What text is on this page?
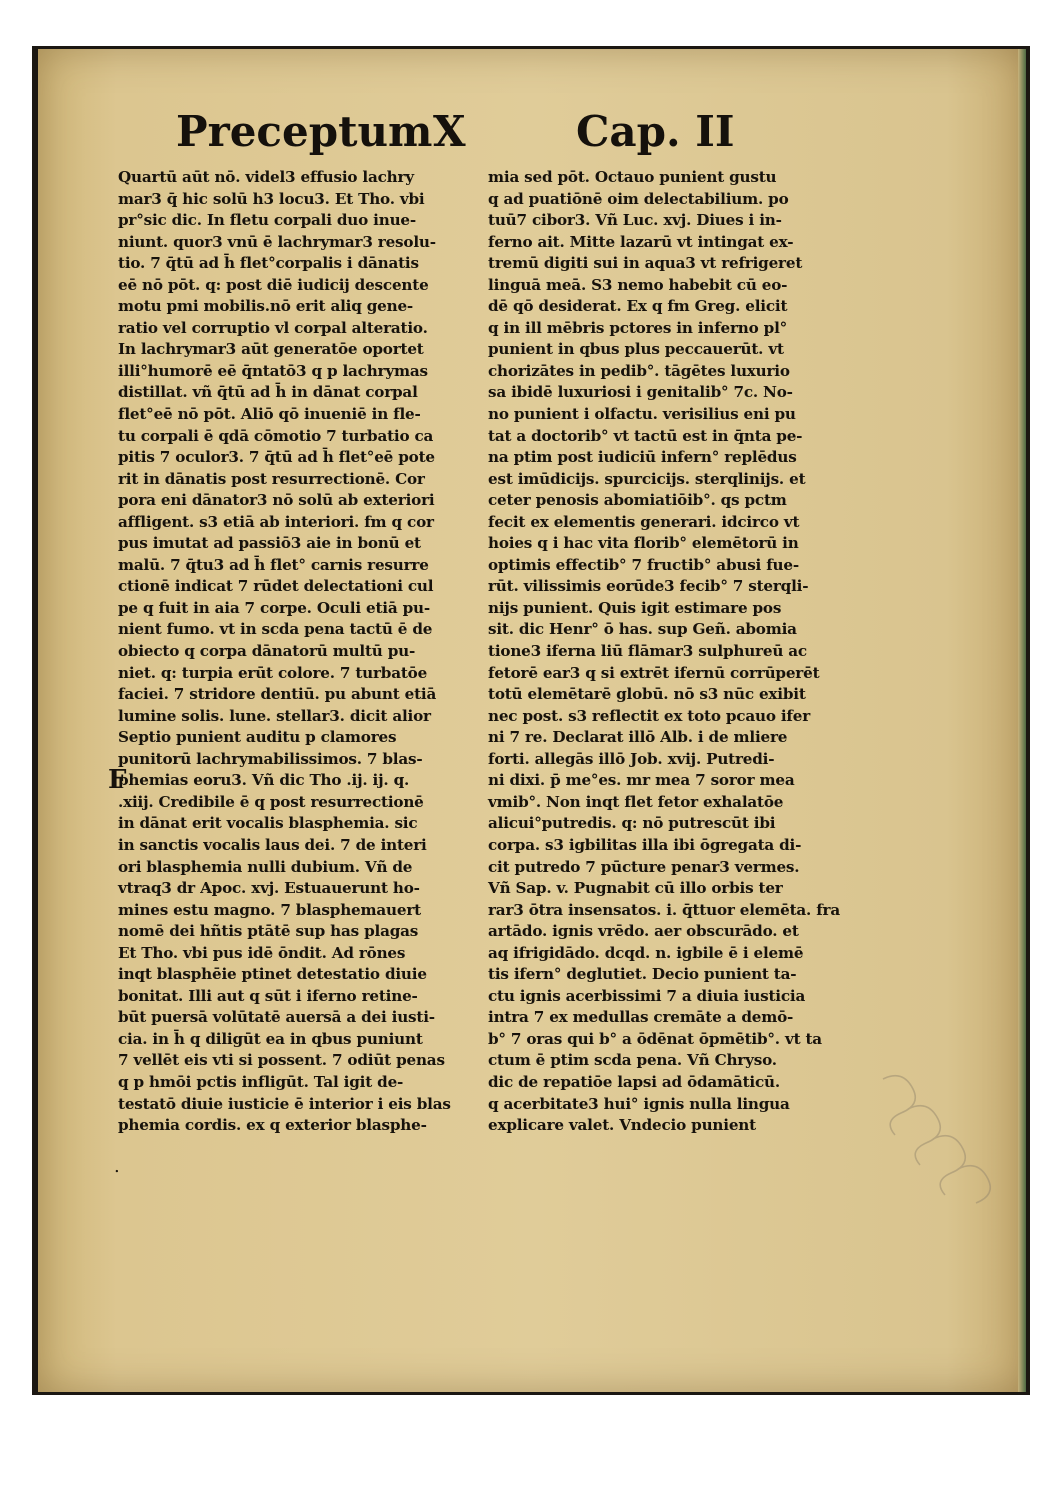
Preceptum X	Cap. II
F
.
Quartū aūt nō. videl3 effusio lachry
mar3 q̄ hic solū h3 locu3. Et Tho. vbi
pr°sic dic. In fletu corpali duo inue-
niunt. quor3 vnū ē lachrymar3 resolu-
tio. 7 q̄tū ad h̄ flet°corpalis i dānatis
eē nō pōt. q: post diē iudicij descente
motu pmi mobilis.nō erit aliq gene-
ratio vel corruptio vl corpal alteratio.
In lachrymar3 aūt generatōe oportet
illi°humorē eē q̄ntatō3 q p lachrymas
distillat. vñ q̄tū ad h̄ in dānat corpal
flet°eē nō pōt. Aliō qō inueniē in fle-
tu corpali ē qdā cōmotio 7 turbatio ca
pitis 7 oculor3. 7 q̄tū ad h̄ flet°eē pote
rit in dānatis post resurrectionē. Cor
pora eni dānator3 nō solū ab exteriori
affligent. s3 etiā ab interiori. fm q cor
pus imutat ad passiō3 aie in bonū et
malū. 7 q̄tu3 ad h̄ flet° carnis resurre
ctionē indicat 7 rūdet delectationi cul
pe q fuit in aia 7 corpe. Oculi etiā pu-
nient fumo. vt in scda pena tactū ē de
obiecto q corpa dānatorū multū pu-
niet. q: turpia erūt colore. 7 turbatōe
faciei. 7 stridore dentiū. pu abunt etiā
lumine solis. lune. stellar3. dicit alior
Septio punient auditu p clamores
punitorū lachrymabilissimos. 7 blas-
phemias eoru3. Vñ dic Tho .ij. ij. q.
.xiij. Credibile ē q post resurrectionē
in dānat erit vocalis blasphemia. sic
in sanctis vocalis laus dei. 7 de interi
ori blasphemia nulli dubium. Vñ de
vtraq3 dr Apoc. xvj. Estuauerunt ho-
mines estu magno. 7 blasphemauert
nomē dei hñtis ptātē sup has plagas
Et Tho. vbi pus idē ōndit. Ad rōnes
inqt blasphēie ptinet detestatio diuie
bonitat. Illi aut q sūt i iferno retine-
būt puersā volūtatē auersā a dei iusti-
cia. in h̄ q diligūt ea in qbus puniunt
7 vellēt eis vti si possent. 7 odiūt penas
q p hmōi pctis infligūt. Tal igit de-
testatō diuie iusticie ē interior i eis blas
phemia cordis. ex q exterior blasphe-
mia sed pōt. Octauo punient gustu
q ad puatiōnē oim delectabilium. po
tuū7 cibor3. Vñ Luc. xvj. Diues i in-
ferno ait. Mitte lazarū vt intingat ex-
tremū digiti sui in aqua3 vt refrigeret
linguā meā. S3 nemo habebit cū eo-
dē qō desiderat. Ex q fm Greg. elicit
q in ill mēbris pctores in inferno pl°
punient in qbus plus peccauerūt. vt
chorizātes in pedib°. tāgētes luxurio
sa ibidē luxuriosi i genitalib° 7c. No-
no punient i olfactu. verisilius eni pu
tat a doctorib° vt tactū est in q̄nta pe-
na ptim post iudiciū infern° replēdus
est imūdicijs. spurcicijs. sterqlinijs. et
ceter penosis abomiatiōib°. qs pctm
fecit ex elementis generari. idcirco vt
hoies q i hac vita florib° elemētorū in
optimis effectib° 7 fructib° abusi fue-
rūt. vilissimis eorūde3 fecib° 7 sterqli-
nijs punient. Quis igit estimare pos
sit. dic Henr° ō has. sup Geñ. abomia
tione3 iferna liū flāmar3 sulphureū ac
fetorē ear3 q si extrēt ifernū corrūperēt
totū elemētarē globū. nō s3 nūc exibit
nec post. s3 reflectit ex toto pcauo ifer
ni 7 re. Declarat illō Alb. i de mliere
forti. allegās illō Job. xvij. Putredi-
ni dixi. p̄ me°es. mr mea 7 soror mea
vmib°. Non inqt flet fetor exhalatōe
alicui°putredis. q: nō putrescūt ibi
corpa. s3 igbilitas illa ibi ōgregata di-
cit putredo 7 pūcture penar3 vermes.
Vñ Sap. v. Pugnabit cū illo orbis ter
rar3 ōtra insensatos. i. q̄ttuor elemēta. fra
artādo. ignis vrēdo. aer obscurādo. et
aq ifrigidādo. dcqd. n. igbile ē i elemē
tis ifern° deglutiet. Decio punient ta-
ctu ignis acerbissimi 7 a diuia iusticia
intra 7 ex medullas cremāte a demō-
b° 7 oras qui b° a ōdēnat ōpmētib°. vt ta
ctum ē ptim scda pena. Vñ Chryso.
dic de repatiōe lapsi ad ōdamāticū.
q acerbitate3 hui° ignis nulla lingua
explicare valet. Vndecio punient
